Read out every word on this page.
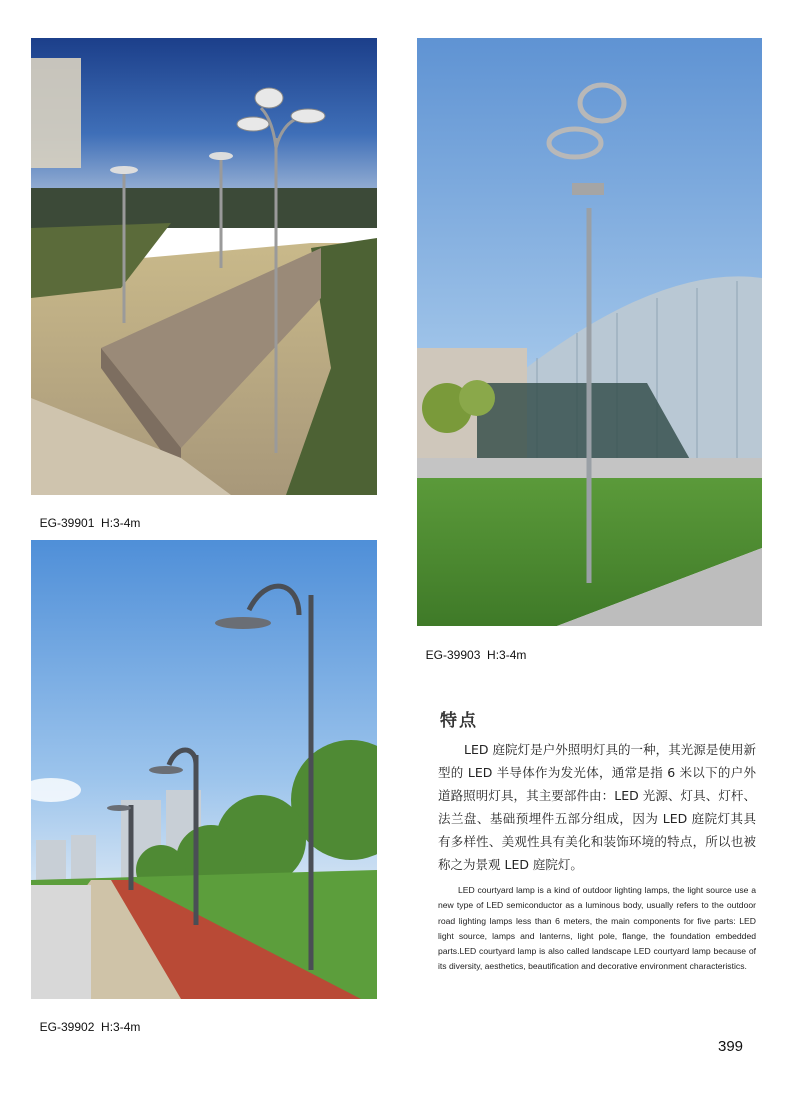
EG-39901 H:3-4m

EG-39903 H:3-4m

EG-39902 H:3-4m

特点
LED 庭院灯是户外照明灯具的一种，其光源是使用新型的 LED 半导体作为发光体，通常是指 6 米以下的户外道路照明灯具，其主要部件由：LED 光源、灯具、灯杆、法兰盘、基础预埋件五部分组成，因为 LED 庭院灯其具有多样性、美观性具有美化和装饰环境的特点，所以也被称之为景观 LED 庭院灯。
LED courtyard lamp is a kind of outdoor lighting lamps, the light source use a new type of LED semiconductor as a luminous body, usually refers to the outdoor road lighting lamps less than 6 meters, the main components for five parts: LED light source, lamps and lanterns, light pole, flange, the foundation embedded parts.LED courtyard lamp is also called landscape LED courtyard lamp because of its diversity, aesthetics, beautification and decorative environment characteristics.
399
